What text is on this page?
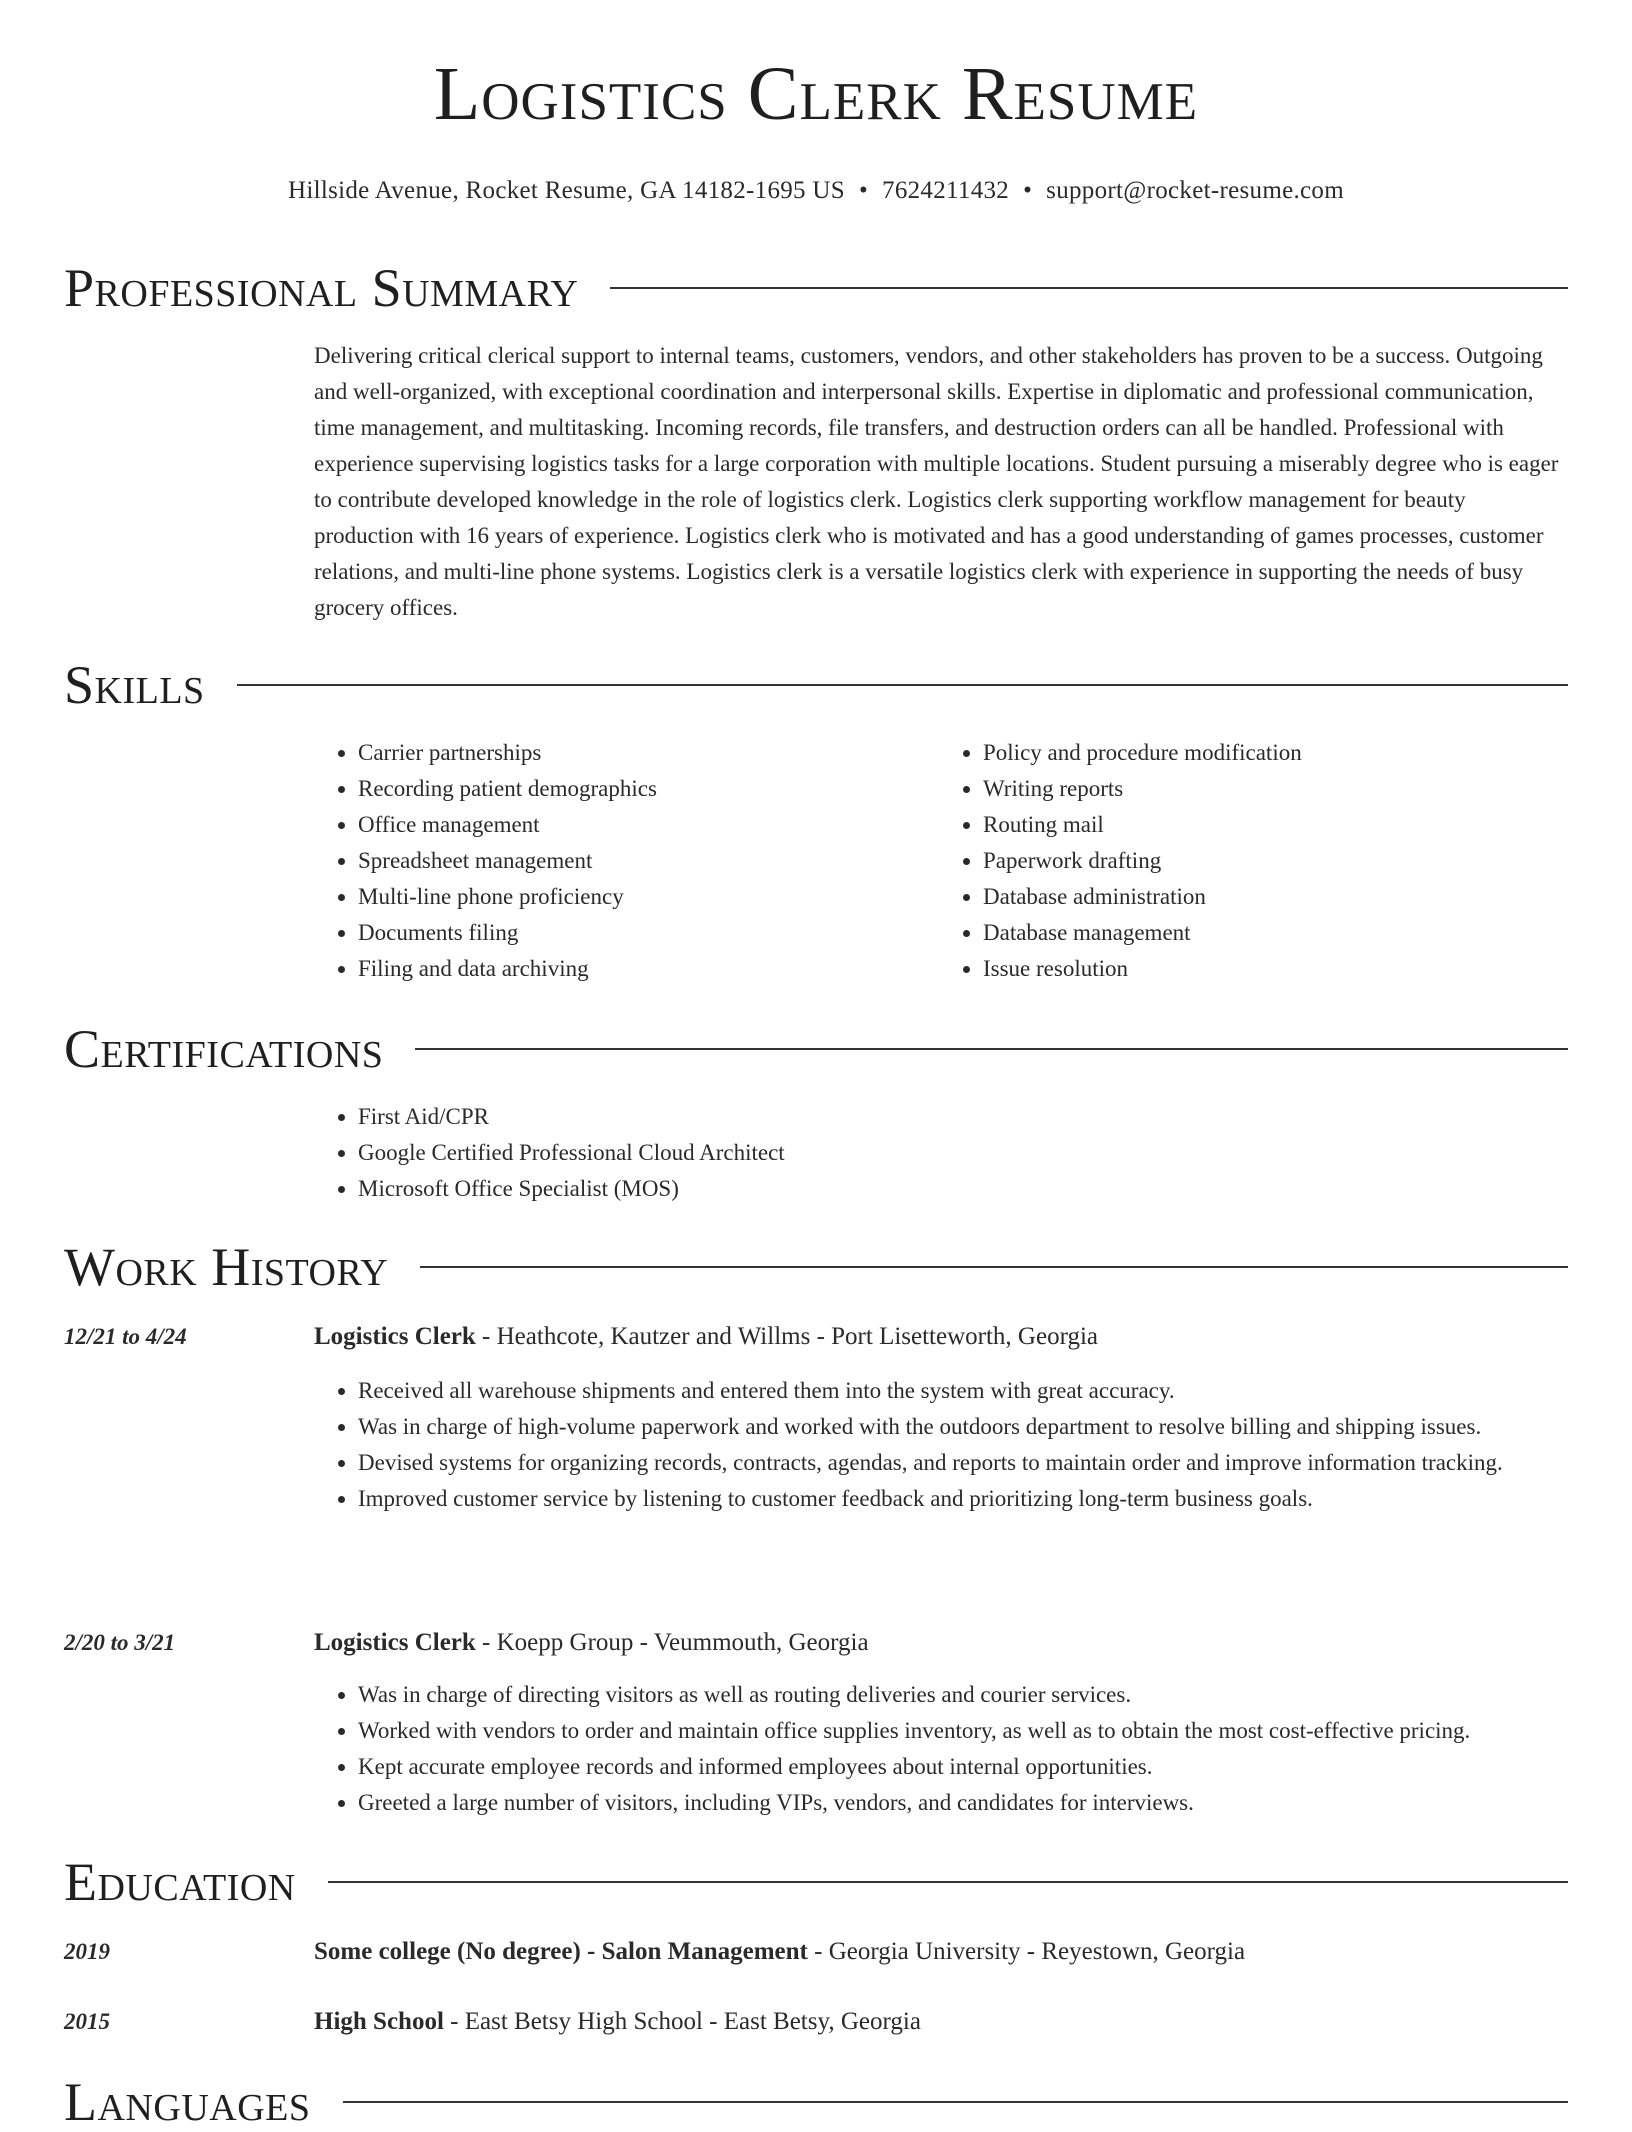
Logistics Clerk Resume
Hillside Avenue, Rocket Resume, GA 14182-1695 US • 7624211432 • support@rocket-resume.com
Professional Summary

Delivering critical clerical support to internal teams, customers, vendors, and other stakeholders has proven to be a success. Outgoing and well-organized, with exceptional coordination and interpersonal skills. Expertise in diplomatic and professional communication, time management, and multitasking. Incoming records, file transfers, and destruction orders can all be handled. Professional with experience supervising logistics tasks for a large corporation with multiple locations. Student pursuing a miserably degree who is eager to contribute developed knowledge in the role of logistics clerk. Logistics clerk supporting workflow management for beauty production with 16 years of experience. Logistics clerk who is motivated and has a good understanding of games processes, customer relations, and multi-line phone systems. Logistics clerk is a versatile logistics clerk with experience in supporting the needs of busy grocery offices.

Skills
• Carrier partnerships
• Recording patient demographics
• Office management
• Spreadsheet management
• Multi-line phone proficiency
• Documents filing
• Filing and data archiving
• Policy and procedure modification
• Writing reports
• Routing mail
• Paperwork drafting
• Database administration
• Database management
• Issue resolution
Certifications
• First Aid/CPR
• Google Certified Professional Cloud Architect
• Microsoft Office Specialist (MOS)
Work History
12/21 to 4/24	Logistics Clerk - Heathcote, Kautzer and Willms - Port Lisetteworth, Georgia
• Received all warehouse shipments and entered them into the system with great accuracy.
• Was in charge of high-volume paperwork and worked with the outdoors department to resolve billing and shipping issues.
• Devised systems for organizing records, contracts, agendas, and reports to maintain order and improve information tracking.
• Improved customer service by listening to customer feedback and prioritizing long-term business goals.
2/20 to 3/21	Logistics Clerk - Koepp Group - Veummouth, Georgia
• Was in charge of directing visitors as well as routing deliveries and courier services.
• Worked with vendors to order and maintain office supplies inventory, as well as to obtain the most cost-effective pricing.
• Kept accurate employee records and informed employees about internal opportunities.
• Greeted a large number of visitors, including VIPs, vendors, and candidates for interviews.
Education
2019	Some college (No degree) - Salon Management - Georgia University - Reyestown, Georgia
2015	High School - East Betsy High School - East Betsy, Georgia
Languages
